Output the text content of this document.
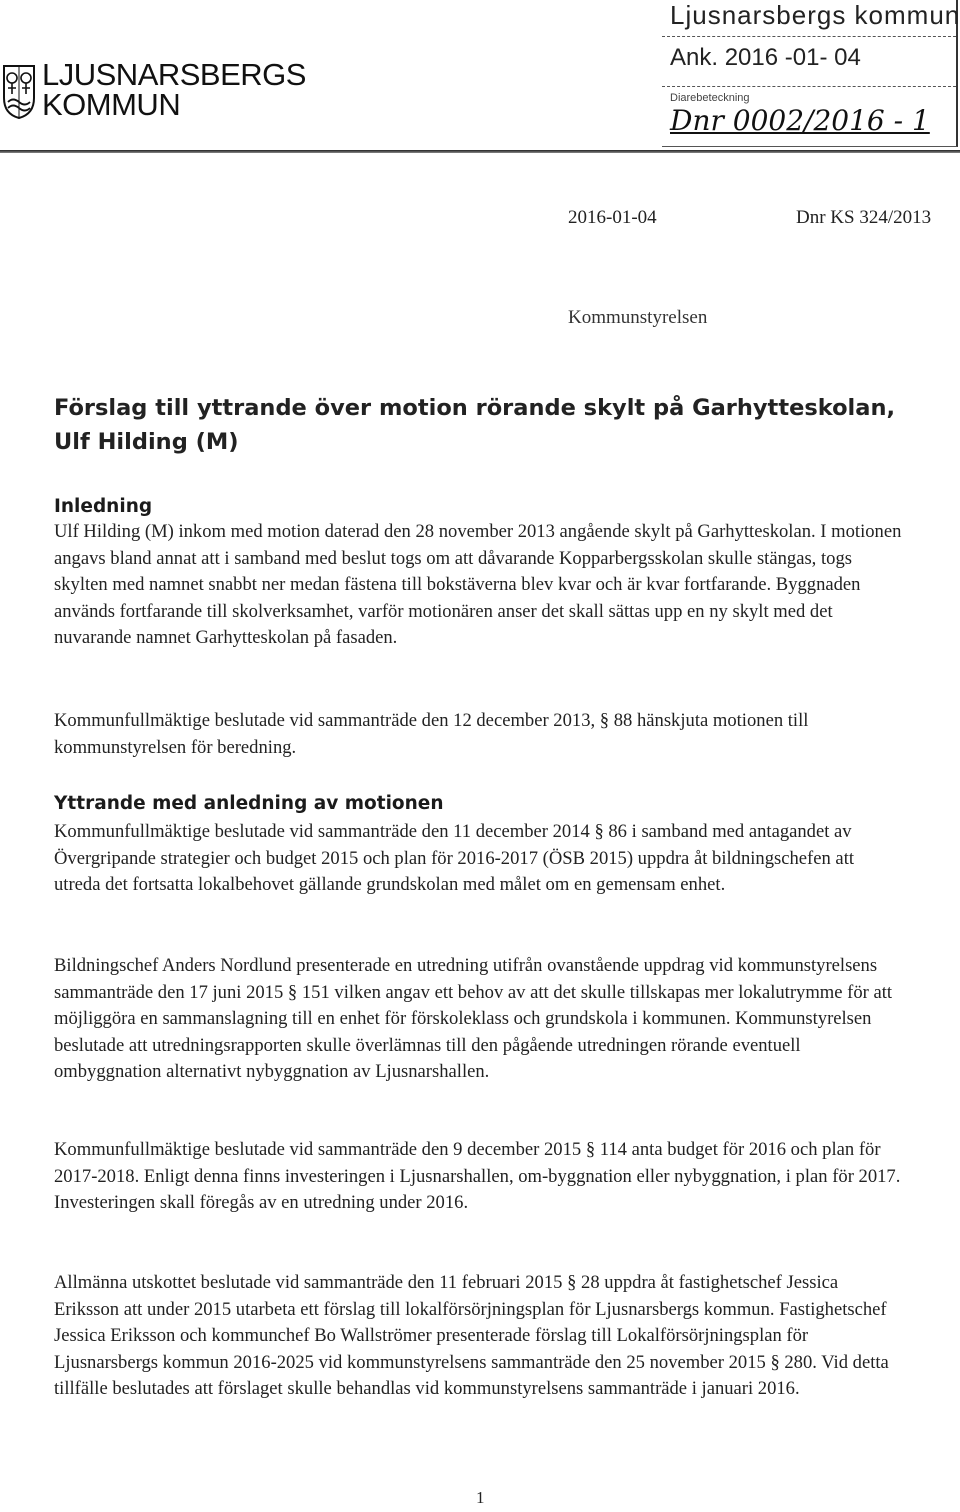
LJUSNARSBERGS
KOMMUN
Ljusnarsbergs kommun
Ank. 2016 -01- 04
Diarebeteckning
Dnr 0002/2016 - 1
2016-01-04	Dnr KS 324/2013
Kommunstyrelsen
Förslag till yttrande över motion rörande skylt på Garhytteskolan, Ulf Hilding (M)
Inledning

Ulf Hilding (M) inkom med motion daterad den 28 november 2013 angående skylt på Garhytteskolan. I motionen angavs bland annat att i samband med beslut togs om att dåvarande Kopparbergsskolan skulle stängas, togs skylten med namnet snabbt ner medan fästena till bokstäverna blev kvar och är kvar fortfarande. Byggnaden används fortfarande till skolverksamhet, varför motionären anser det skall sättas upp en ny skylt med det nuvarande namnet Garhytteskolan på fasaden.

Kommunfullmäktige beslutade vid sammanträde den 12 december 2013, § 88 hänskjuta motionen till kommunstyrelsen för beredning.

Yttrande med anledning av motionen

Kommunfullmäktige beslutade vid sammanträde den 11 december 2014 § 86 i samband med antagandet av Övergripande strategier och budget 2015 och plan för 2016-2017 (ÖSB 2015) uppdra åt bildningschefen att utreda det fortsatta lokalbehovet gällande grundskolan med målet om en gemensam enhet.

Bildningschef Anders Nordlund presenterade en utredning utifrån ovanstående uppdrag vid kommunstyrelsens sammanträde den 17 juni 2015 § 151 vilken angav ett behov av att det skulle tillskapas mer lokalutrymme för att möjliggöra en sammanslagning till en enhet för förskoleklass och grundskola i kommunen. Kommunstyrelsen beslutade att utredningsrapporten skulle överlämnas till den pågående utredningen rörande eventuell ombyggnation alternativt nybyggnation av Ljusnarshallen.

Kommunfullmäktige beslutade vid sammanträde den 9 december 2015 § 114 anta budget för 2016 och plan för 2017-2018. Enligt denna finns investeringen i Ljusnarshallen, om-byggnation eller nybyggnation, i plan för 2017. Investeringen skall föregås av en utredning under 2016.

Allmänna utskottet beslutade vid sammanträde den 11 februari 2015 § 28 uppdra åt fastighetschef Jessica Eriksson att under 2015 utarbeta ett förslag till lokalförsörjningsplan för Ljusnarsbergs kommun. Fastighetschef Jessica Eriksson och kommunchef Bo Wallströmer presenterade förslag till Lokalförsörjningsplan för Ljusnarsbergs kommun 2016-2025 vid kommunstyrelsens sammanträde den 25 november 2015 § 280. Vid detta tillfälle beslutades att förslaget skulle behandlas vid kommunstyrelsens sammanträde i januari 2016.

1
